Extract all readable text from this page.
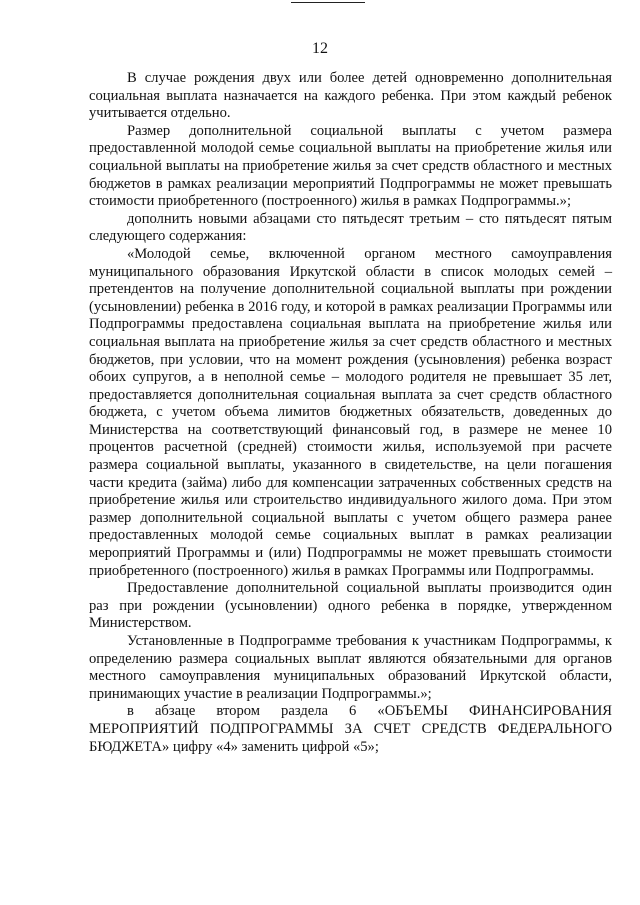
12

В случае рождения двух или более детей одновременно дополнительная социальная выплата назначается на каждого ребенка. При этом каждый ребенок учитывается отдельно.

Размер дополнительной социальной выплаты с учетом размера предоставленной молодой семье социальной выплаты на приобретение жилья или социальной выплаты на приобретение жилья за счет средств областного и местных бюджетов в рамках реализации мероприятий Подпрограммы не может превышать стоимости приобретенного (построенного) жилья в рамках Подпрограммы.»;

дополнить новыми абзацами сто пятьдесят третьим – сто пятьдесят пятым следующего содержания:

«Молодой семье, включенной органом местного самоуправления муниципального образования Иркутской области в список молодых семей – претендентов на получение дополнительной социальной выплаты при рождении (усыновлении) ребенка в 2016 году, и которой в рамках реализации Программы или Подпрограммы предоставлена социальная выплата на приобретение жилья или социальная выплата на приобретение жилья за счет средств областного и местных бюджетов, при условии, что на момент рождения (усыновления) ребенка возраст обоих супругов, а в неполной семье – молодого родителя не превышает 35 лет, предоставляется дополнительная социальная выплата за счет средств областного бюджета, с учетом объема лимитов бюджетных обязательств, доведенных до Министерства на соответствующий финансовый год, в размере не менее 10 процентов расчетной (средней) стоимости жилья, используемой при расчете размера социальной выплаты, указанного в свидетельстве, на цели погашения части кредита (займа) либо для компенсации затраченных собственных средств на приобретение жилья или строительство индивидуального жилого дома. При этом размер дополнительной социальной выплаты с учетом общего размера ранее предоставленных молодой семье социальных выплат в рамках реализации мероприятий Программы и (или) Подпрограммы не может превышать стоимости приобретенного (построенного) жилья в рамках Программы или Подпрограммы.

Предоставление дополнительной социальной выплаты производится один раз при рождении (усыновлении) одного ребенка в порядке, утвержденном Министерством.

Установленные в Подпрограмме требования к участникам Подпрограммы, к определению размера социальных выплат являются обязательными для органов местного самоуправления муниципальных образований Иркутской области, принимающих участие в реализации Подпрограммы.»;

в абзаце втором раздела 6 «ОБЪЕМЫ ФИНАНСИРОВАНИЯ МЕРОПРИЯТИЙ ПОДПРОГРАММЫ ЗА СЧЕТ СРЕДСТВ ФЕДЕРАЛЬНОГО БЮДЖЕТА» цифру «4» заменить цифрой «5»;
